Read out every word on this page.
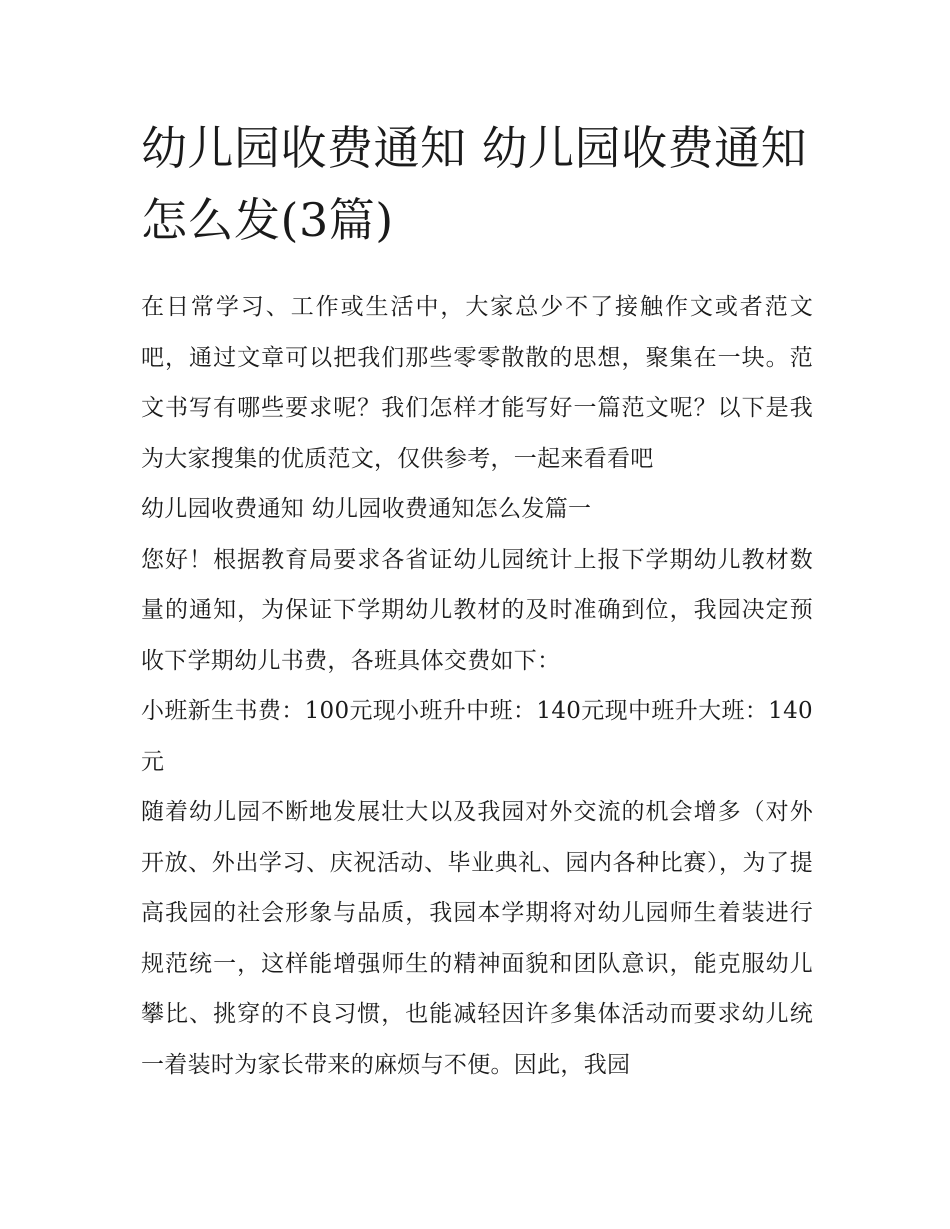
幼儿园收费通知 幼儿园收费通知怎么发(3篇)

在日常学习、工作或生活中，大家总少不了接触作文或者范文吧，通过文章可以把我们那些零零散散的思想，聚集在一块。范文书写有哪些要求呢？我们怎样才能写好一篇范文呢？以下是我为大家搜集的优质范文，仅供参考，一起来看看吧

幼儿园收费通知 幼儿园收费通知怎么发篇一

您好！根据教育局要求各省证幼儿园统计上报下学期幼儿教材数量的通知，为保证下学期幼儿教材的及时准确到位，我园决定预收下学期幼儿书费，各班具体交费如下：

小班新生书费：100元现小班升中班：140元现中班升大班：140元

随着幼儿园不断地发展壮大以及我园对外交流的机会增多（对外开放、外出学习、庆祝活动、毕业典礼、园内各种比赛），为了提高我园的社会形象与品质，我园本学期将对幼儿园师生着装进行规范统一，这样能增强师生的精神面貌和团队意识，能克服幼儿攀比、挑穿的不良习惯，也能减轻因许多集体活动而要求幼儿统一着装时为家长带来的麻烦与不便。因此，我园
